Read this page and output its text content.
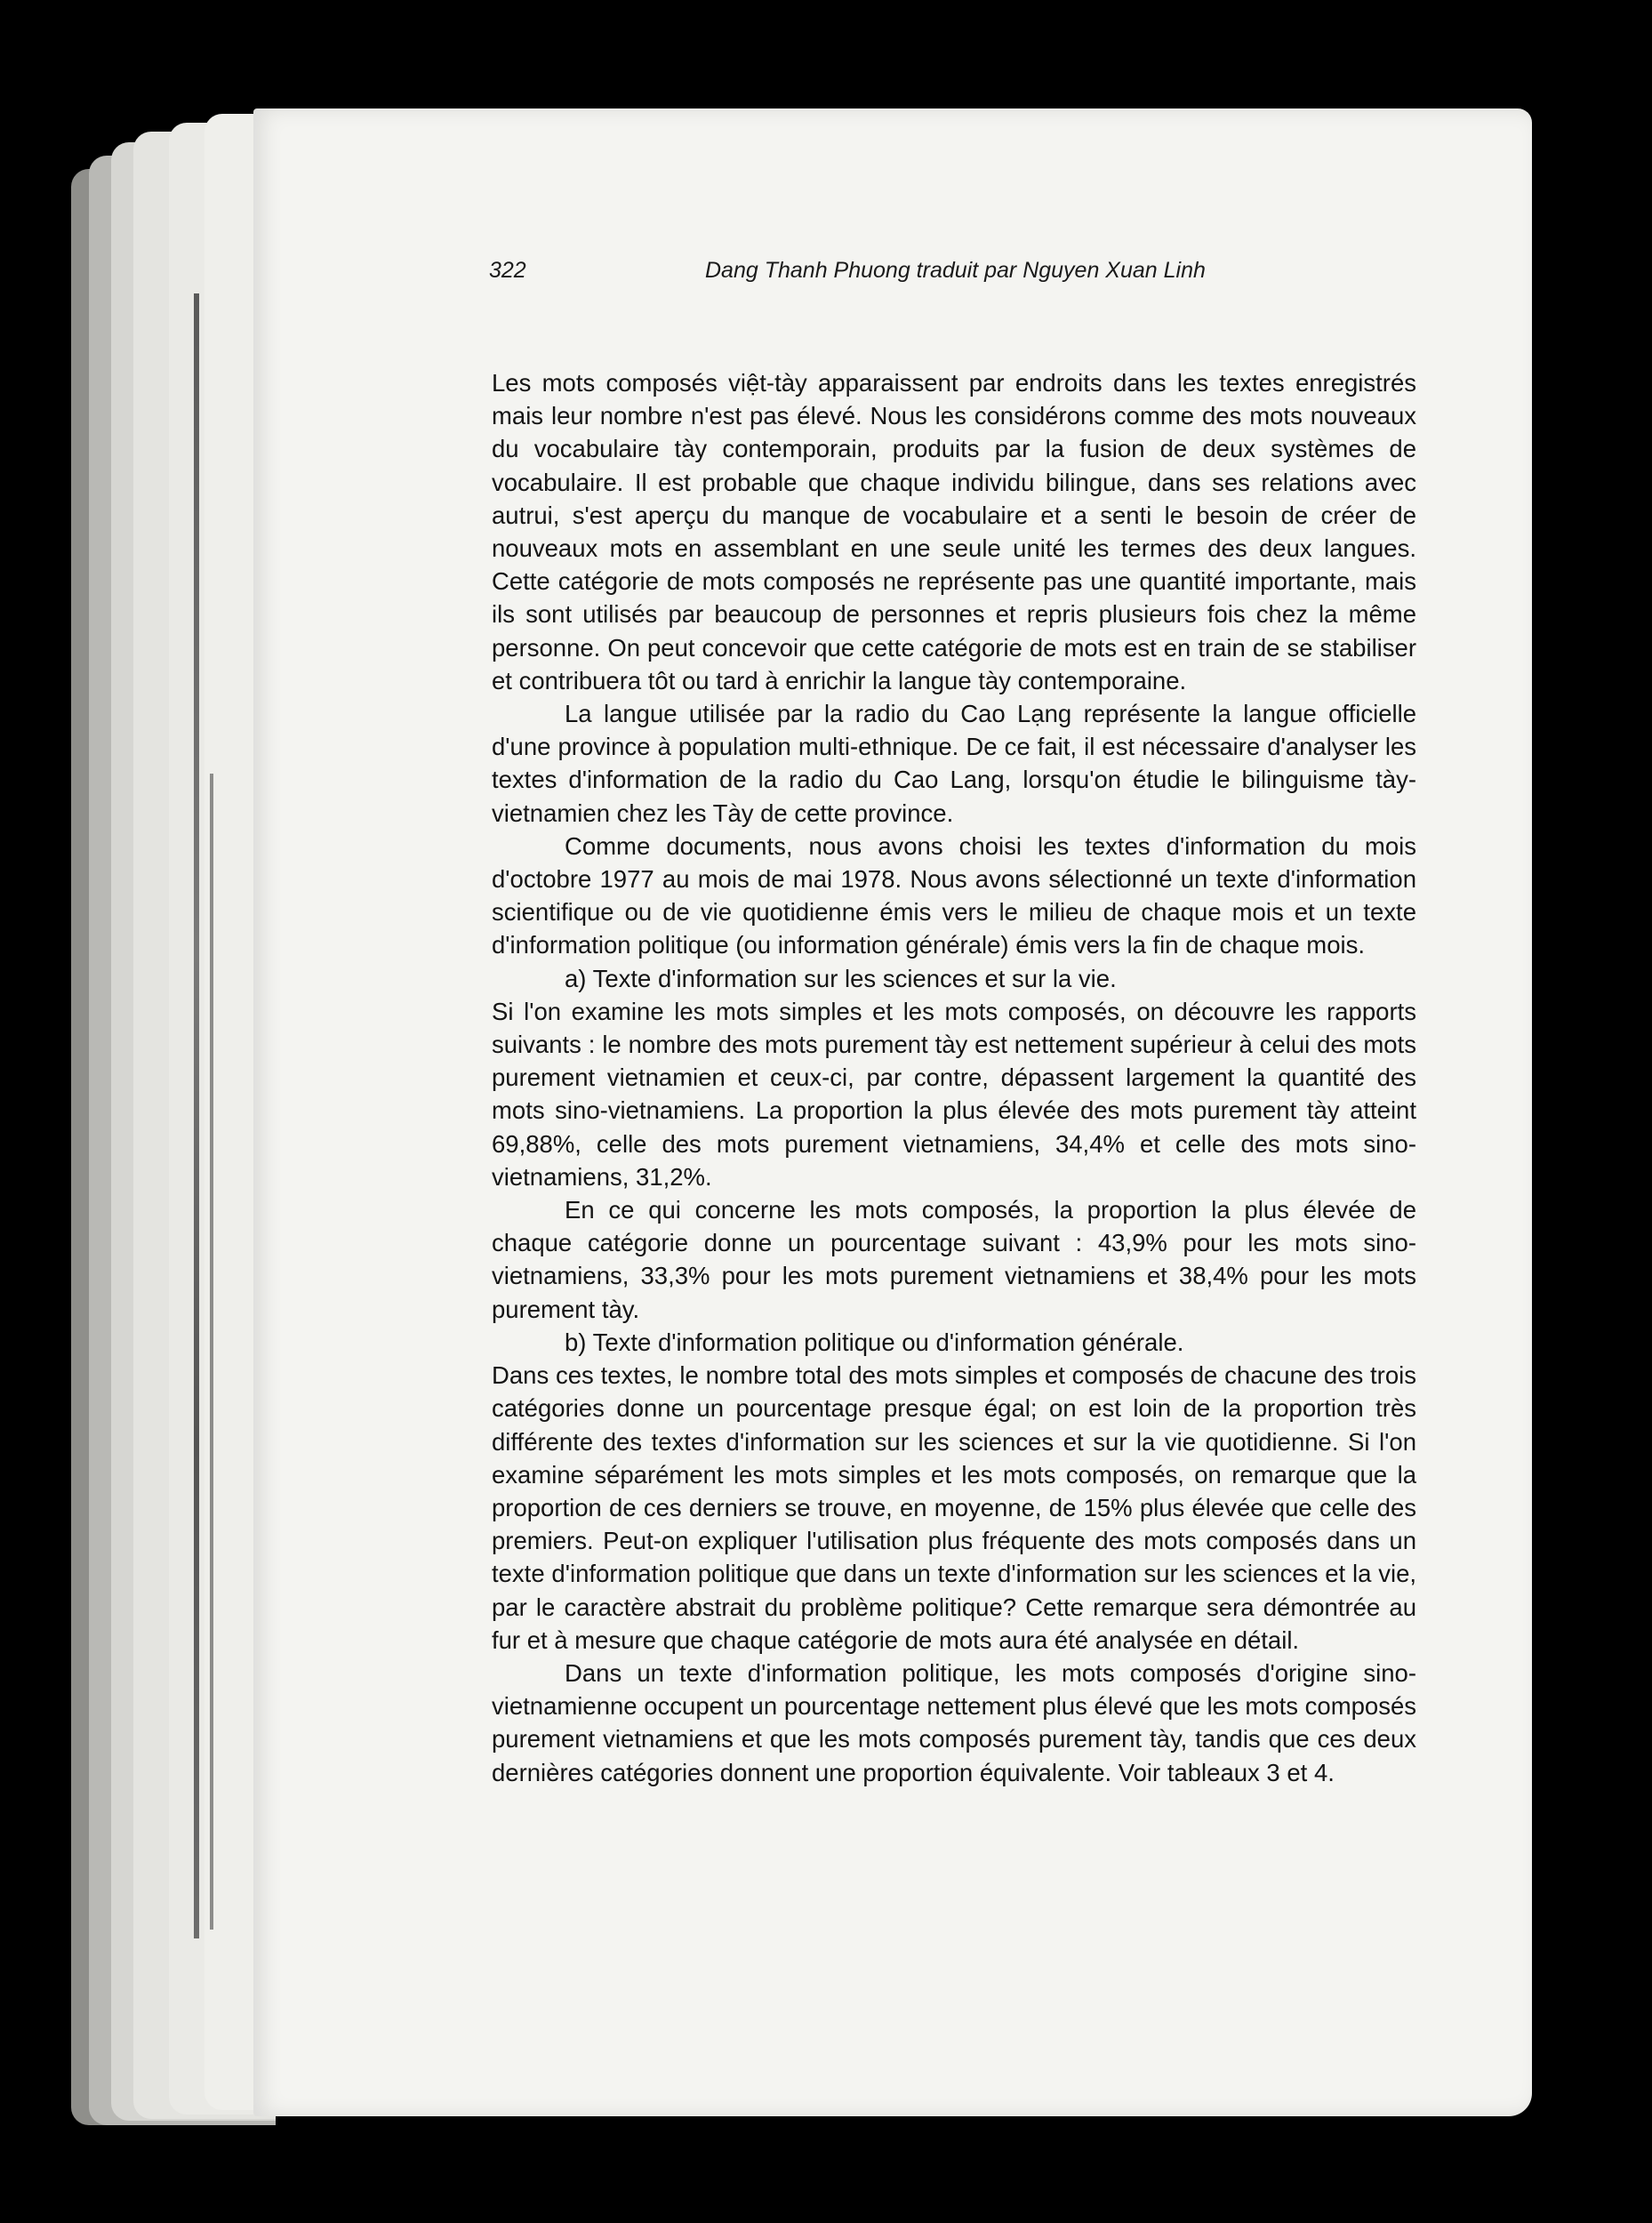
322	Dang Thanh Phuong traduit par Nguyen Xuan Linh

Les mots composés việt-tày apparaissent par endroits dans les textes enregistrés mais leur nombre n'est pas élevé. Nous les considérons comme des mots nouveaux du vocabulaire tày contemporain, produits par la fusion de deux systèmes de vocabulaire. Il est probable que chaque individu bilingue, dans ses relations avec autrui, s'est aperçu du manque de vocabulaire et a senti le besoin de créer de nouveaux mots en assemblant en une seule unité les termes des deux langues. Cette catégorie de mots composés ne représente pas une quantité importante, mais ils sont utilisés par beaucoup de personnes et repris plusieurs fois chez la même personne. On peut concevoir que cette catégorie de mots est en train de se stabiliser et contribuera tôt ou tard à enrichir la langue tày contemporaine.

La langue utilisée par la radio du Cao Lạng représente la langue officielle d'une province à population multi-ethnique. De ce fait, il est nécessaire d'analyser les textes d'information de la radio du Cao Lang, lorsqu'on étudie le bilinguisme tày-vietnamien chez les Tày de cette province.

Comme documents, nous avons choisi les textes d'information du mois d'octobre 1977 au mois de mai 1978. Nous avons sélectionné un texte d'information scientifique ou de vie quotidienne émis vers le milieu de chaque mois et un texte d'information politique (ou information générale) émis vers la fin de chaque mois.

a) Texte d'information sur les sciences et sur la vie.

Si l'on examine les mots simples et les mots composés, on découvre les rapports suivants : le nombre des mots purement tày est nettement supérieur à celui des mots purement vietnamien et ceux-ci, par contre, dépassent largement la quantité des mots sino-vietnamiens. La proportion la plus élevée des mots purement tày atteint 69,88%, celle des mots purement vietnamiens, 34,4% et celle des mots sino-vietnamiens, 31,2%.

En ce qui concerne les mots composés, la proportion la plus élevée de chaque catégorie donne un pourcentage suivant : 43,9% pour les mots sino-vietnamiens, 33,3% pour les mots purement vietnamiens et 38,4% pour les mots purement tày.

b) Texte d'information politique ou d'information générale.

Dans ces textes, le nombre total des mots simples et composés de chacune des trois catégories donne un pourcentage presque égal; on est loin de la proportion très différente des textes d'information sur les sciences et sur la vie quotidienne. Si l'on examine séparément les mots simples et les mots composés, on remarque que la proportion de ces derniers se trouve, en moyenne, de 15% plus élevée que celle des premiers. Peut-on expliquer l'utilisation plus fréquente des mots composés dans un texte d'information politique que dans un texte d'information sur les sciences et la vie, par le caractère abstrait du problème politique? Cette remarque sera démontrée au fur et à mesure que chaque catégorie de mots aura été analysée en détail.

Dans un texte d'information politique, les mots composés d'origine sino-vietnamienne occupent un pourcentage nettement plus élevé que les mots composés purement vietnamiens et que les mots composés purement tày, tandis que ces deux dernières catégories donnent une proportion équivalente. Voir tableaux 3 et 4.
